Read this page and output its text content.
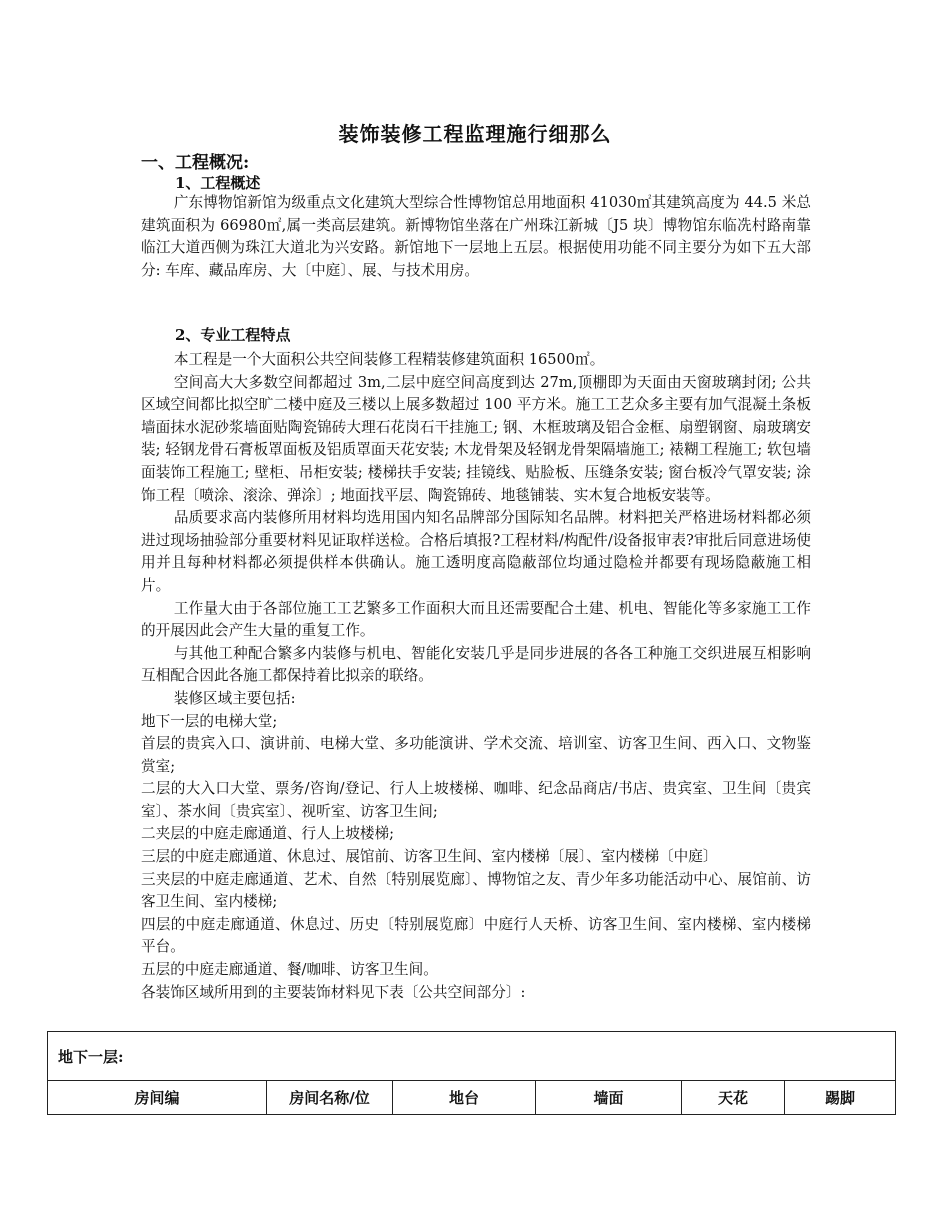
装饰装修工程监理施行细那么
一、工程概况:
1、工程概述

广东博物馆新馆为级重点文化建筑大型综合性博物馆总用地面积 41030㎡其建筑高度为 44.5 米总建筑面积为 66980㎡,属一类高层建筑。新博物馆坐落在广州珠江新城〔J5 块〕博物馆东临冼村路南靠临江大道西侧为珠江大道北为兴安路。新馆地下一层地上五层。根据使用功能不同主要分为如下五大部分: 车库、藏品库房、大〔中庭〕、展、与技术用房。

2、专业工程特点

本工程是一个大面积公共空间装修工程精装修建筑面积 16500㎡。

空间高大大多数空间都超过 3m,二层中庭空间高度到达 27m,顶棚即为天面由天窗玻璃封闭; 公共区域空间都比拟空旷二楼中庭及三楼以上展多数超过 100 平方米。施工工艺众多主要有加气混凝土条板墙面抹水泥砂浆墙面贴陶瓷锦砖大理石花岗石干挂施工; 钢、木框玻璃及铝合金框、扇塑钢窗、扇玻璃安装; 轻钢龙骨石膏板罩面板及铝质罩面天花安装; 木龙骨架及轻钢龙骨架隔墙施工; 裱糊工程施工; 软包墙面装饰工程施工; 壁柜、吊柜安装; 楼梯扶手安装; 挂镜线、贴脸板、压缝条安装; 窗台板冷气罩安装; 涂饰工程〔喷涂、滚涂、弹涂〕; 地面找平层、陶瓷锦砖、地毯铺装、实木复合地板安装等。

品质要求高内装修所用材料均选用国内知名品牌部分国际知名品牌。材料把关严格进场材料都必须进过现场抽验部分重要材料见证取样送检。合格后填报?工程材料/构配件/设备报审表?审批后同意进场使用并且每种材料都必须提供样本供确认。施工透明度高隐蔽部位均通过隐检并都要有现场隐蔽施工相片。

工作量大由于各部位施工工艺繁多工作面积大而且还需要配合土建、机电、智能化等多家施工工作的开展因此会产生大量的重复工作。

与其他工种配合繁多内装修与机电、智能化安装几乎是同步进展的各各工种施工交织进展互相影响互相配合因此各施工都保持着比拟亲的联络。

装修区域主要包括:

地下一层的电梯大堂;

首层的贵宾入口、演讲前、电梯大堂、多功能演讲、学术交流、培训室、访客卫生间、西入口、文物鉴赏室;

二层的大入口大堂、票务/咨询/登记、行人上坡楼梯、咖啡、纪念品商店/书店、贵宾室、卫生间〔贵宾室〕、茶水间〔贵宾室〕、视听室、访客卫生间;

二夹层的中庭走廊通道、行人上坡楼梯;

三层的中庭走廊通道、休息过、展馆前、访客卫生间、室内楼梯〔展〕、室内楼梯〔中庭〕

三夹层的中庭走廊通道、艺术、自然〔特别展览廊〕、博物馆之友、青少年多功能活动中心、展馆前、访客卫生间、室内楼梯;

四层的中庭走廊通道、休息过、历史〔特别展览廊〕中庭行人天桥、访客卫生间、室内楼梯、室内楼梯平台。

五层的中庭走廊通道、餐/咖啡、访客卫生间。

各装饰区域所用到的主要装饰材料见下表〔公共空间部分〕:

地下一层:
房间编	房间名称/位	地台	墙面	天花	踢脚
